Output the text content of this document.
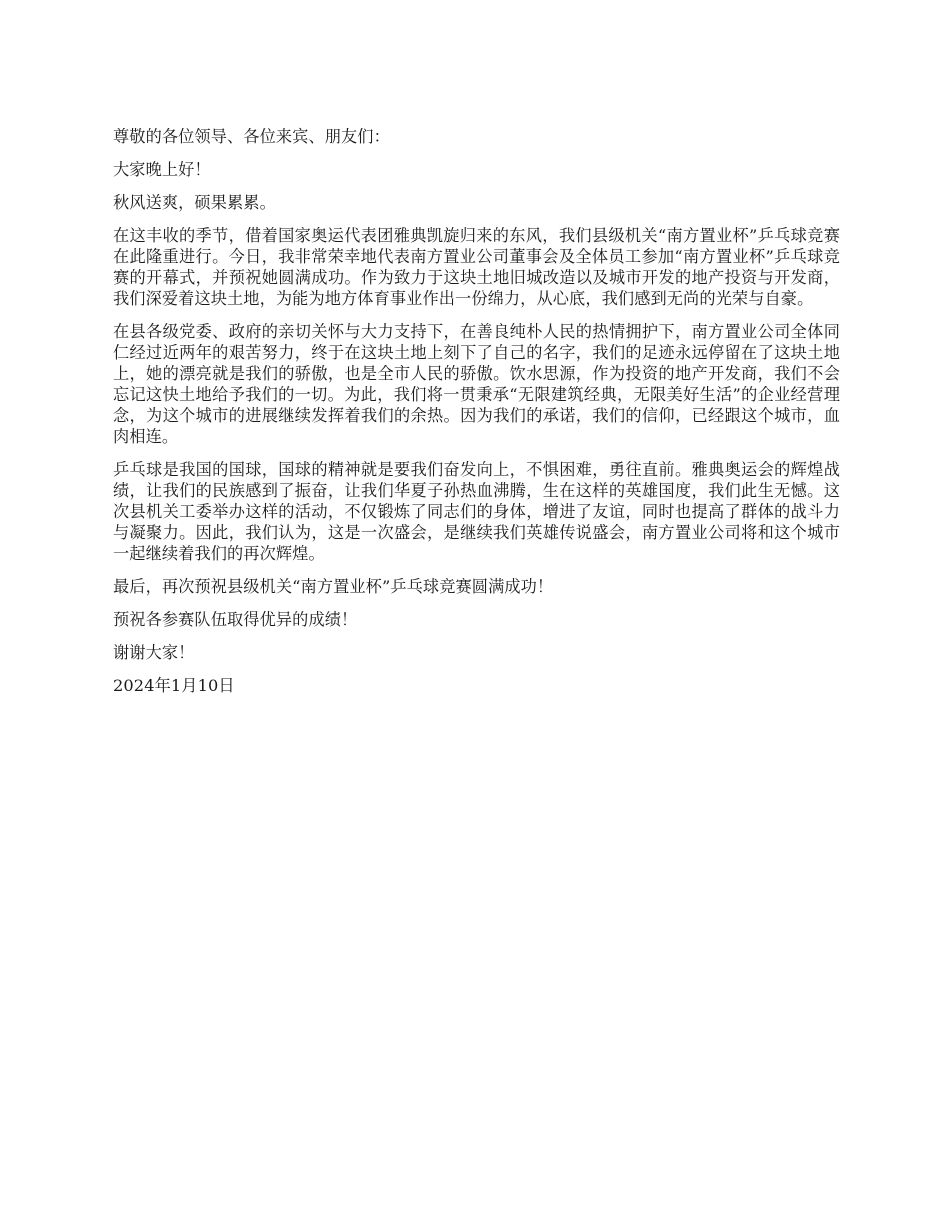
尊敬的各位领导、各位来宾、朋友们：

大家晚上好！

秋风送爽，硕果累累。

在这丰收的季节，借着国家奥运代表团雅典凯旋归来的东风，我们县级机关“南方置业杯”乒乓球竞赛在此隆重进行。今日，我非常荣幸地代表南方置业公司董事会及全体员工参加“南方置业杯”乒乓球竞赛的开幕式，并预祝她圆满成功。作为致力于这块土地旧城改造以及城市开发的地产投资与开发商，我们深爱着这块土地，为能为地方体育事业作出一份绵力，从心底，我们感到无尚的光荣与自豪。

在县各级党委、政府的亲切关怀与大力支持下，在善良纯朴人民的热情拥护下，南方置业公司全体同仁经过近两年的艰苦努力，终于在这块土地上刻下了自己的名字，我们的足迹永远停留在了这块土地上，她的漂亮就是我们的骄傲，也是全市人民的骄傲。饮水思源，作为投资的地产开发商，我们不会忘记这快土地给予我们的一切。为此，我们将一贯秉承“无限建筑经典，无限美好生活”的企业经营理念，为这个城市的进展继续发挥着我们的余热。因为我们的承诺，我们的信仰，已经跟这个城市，血肉相连。

乒乓球是我国的国球，国球的精神就是要我们奋发向上，不惧困难，勇往直前。雅典奥运会的辉煌战绩，让我们的民族感到了振奋，让我们华夏子孙热血沸腾，生在这样的英雄国度，我们此生无憾。这次县机关工委举办这样的活动，不仅锻炼了同志们的身体，增进了友谊，同时也提高了群体的战斗力与凝聚力。因此，我们认为，这是一次盛会，是继续我们英雄传说盛会，南方置业公司将和这个城市一起继续着我们的再次辉煌。

最后，再次预祝县级机关“南方置业杯”乒乓球竞赛圆满成功！

预祝各参赛队伍取得优异的成绩！

谢谢大家！

2024年1月10日
